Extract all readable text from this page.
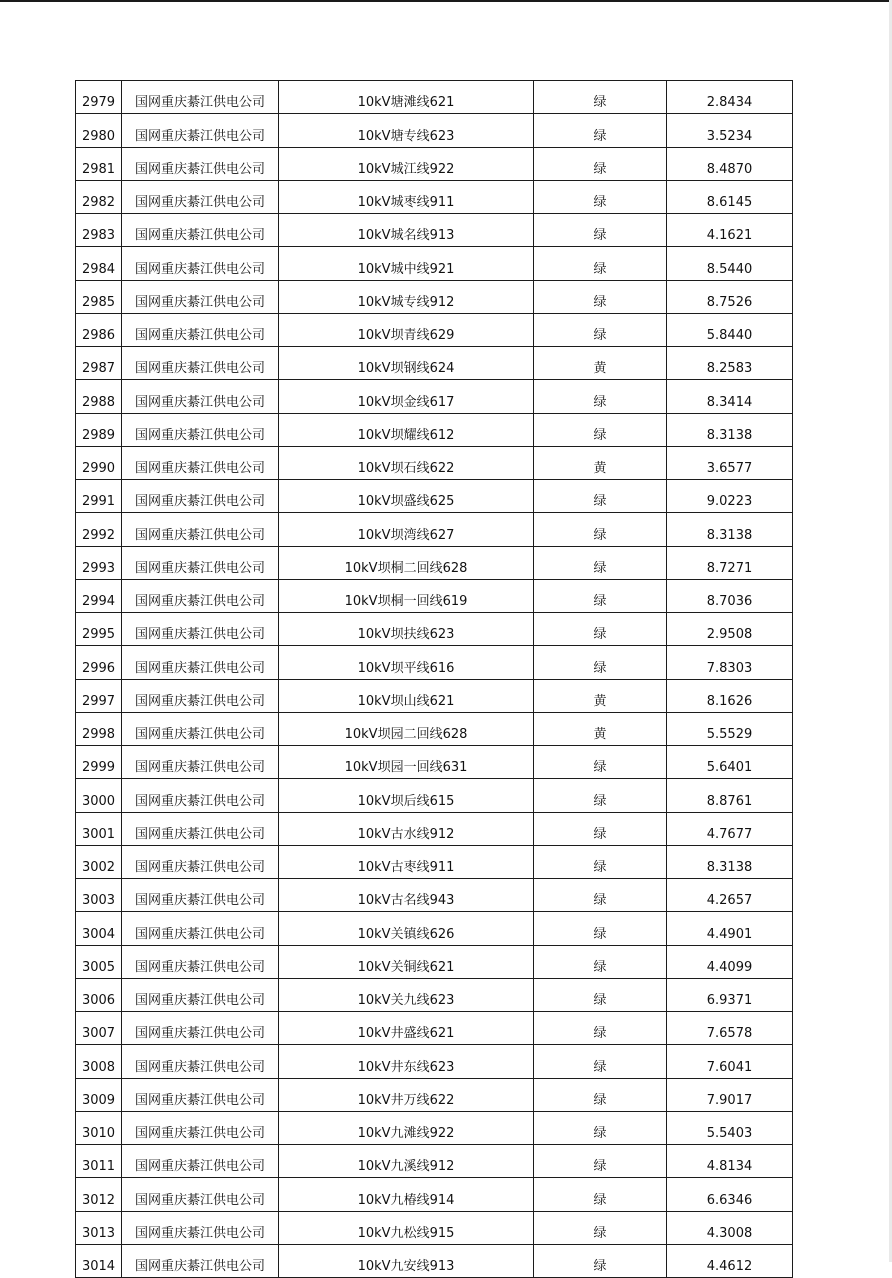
2979	国网重庆綦江供电公司	10kV塘滩线621	绿	2.8434
2980	国网重庆綦江供电公司	10kV塘专线623	绿	3.5234
2981	国网重庆綦江供电公司	10kV城江线922	绿	8.4870
2982	国网重庆綦江供电公司	10kV城枣线911	绿	8.6145
2983	国网重庆綦江供电公司	10kV城名线913	绿	4.1621
2984	国网重庆綦江供电公司	10kV城中线921	绿	8.5440
2985	国网重庆綦江供电公司	10kV城专线912	绿	8.7526
2986	国网重庆綦江供电公司	10kV坝青线629	绿	5.8440
2987	国网重庆綦江供电公司	10kV坝钢线624	黄	8.2583
2988	国网重庆綦江供电公司	10kV坝金线617	绿	8.3414
2989	国网重庆綦江供电公司	10kV坝耀线612	绿	8.3138
2990	国网重庆綦江供电公司	10kV坝石线622	黄	3.6577
2991	国网重庆綦江供电公司	10kV坝盛线625	绿	9.0223
2992	国网重庆綦江供电公司	10kV坝湾线627	绿	8.3138
2993	国网重庆綦江供电公司	10kV坝桐二回线628	绿	8.7271
2994	国网重庆綦江供电公司	10kV坝桐一回线619	绿	8.7036
2995	国网重庆綦江供电公司	10kV坝扶线623	绿	2.9508
2996	国网重庆綦江供电公司	10kV坝平线616	绿	7.8303
2997	国网重庆綦江供电公司	10kV坝山线621	黄	8.1626
2998	国网重庆綦江供电公司	10kV坝园二回线628	黄	5.5529
2999	国网重庆綦江供电公司	10kV坝园一回线631	绿	5.6401
3000	国网重庆綦江供电公司	10kV坝后线615	绿	8.8761
3001	国网重庆綦江供电公司	10kV古水线912	绿	4.7677
3002	国网重庆綦江供电公司	10kV古枣线911	绿	8.3138
3003	国网重庆綦江供电公司	10kV古名线943	绿	4.2657
3004	国网重庆綦江供电公司	10kV关镇线626	绿	4.4901
3005	国网重庆綦江供电公司	10kV关铜线621	绿	4.4099
3006	国网重庆綦江供电公司	10kV关九线623	绿	6.9371
3007	国网重庆綦江供电公司	10kV井盛线621	绿	7.6578
3008	国网重庆綦江供电公司	10kV井东线623	绿	7.6041
3009	国网重庆綦江供电公司	10kV井万线622	绿	7.9017
3010	国网重庆綦江供电公司	10kV九滩线922	绿	5.5403
3011	国网重庆綦江供电公司	10kV九溪线912	绿	4.8134
3012	国网重庆綦江供电公司	10kV九椿线914	绿	6.6346
3013	国网重庆綦江供电公司	10kV九松线915	绿	4.3008
3014	国网重庆綦江供电公司	10kV九安线913	绿	4.4612
